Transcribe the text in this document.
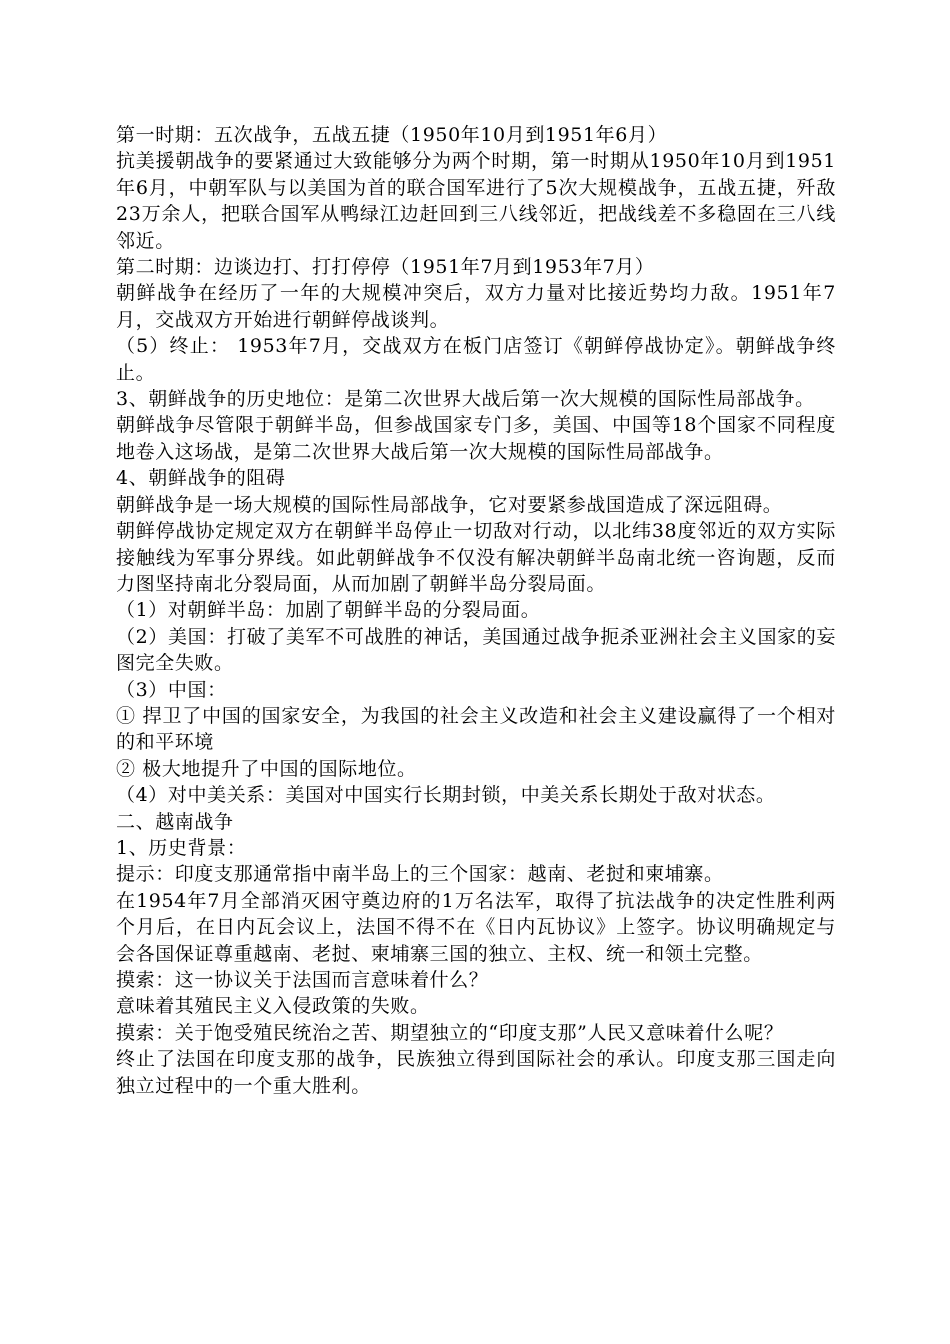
第一时期：五次战争，五战五捷（1950年10月到1951年6月）

抗美援朝战争的要紧通过大致能够分为两个时期，第一时期从1950年10月到1951年6月，中朝军队与以美国为首的联合国军进行了5次大规模战争，五战五捷，歼敌23万余人，把联合国军从鸭绿江边赶回到三八线邻近，把战线差不多稳固在三八线邻近。

第二时期：边谈边打、打打停停（1951年7月到1953年7月）

朝鲜战争在经历了一年的大规模冲突后，双方力量对比接近势均力敌。1951年7月，交战双方开始进行朝鲜停战谈判。

（5）终止： 1953年7月，交战双方在板门店签订《朝鲜停战协定》。朝鲜战争终止。

3、朝鲜战争的历史地位：是第二次世界大战后第一次大规模的国际性局部战争。

朝鲜战争尽管限于朝鲜半岛，但参战国家专门多，美国、中国等18个国家不同程度地卷入这场战，是第二次世界大战后第一次大规模的国际性局部战争。

4、朝鲜战争的阻碍

朝鲜战争是一场大规模的国际性局部战争，它对要紧参战国造成了深远阻碍。

朝鲜停战协定规定双方在朝鲜半岛停止一切敌对行动，以北纬38度邻近的双方实际接触线为军事分界线。如此朝鲜战争不仅没有解决朝鲜半岛南北统一咨询题，反而力图坚持南北分裂局面，从而加剧了朝鲜半岛分裂局面。

（1）对朝鲜半岛：加剧了朝鲜半岛的分裂局面。

（2）美国：打破了美军不可战胜的神话，美国通过战争扼杀亚洲社会主义国家的妄图完全失败。

（3）中国：

① 捍卫了中国的国家安全，为我国的社会主义改造和社会主义建设赢得了一个相对的和平环境

② 极大地提升了中国的国际地位。

（4）对中美关系：美国对中国实行长期封锁，中美关系长期处于敌对状态。

二、越南战争

1、历史背景：

提示：印度支那通常指中南半岛上的三个国家：越南、老挝和柬埔寨。

在1954年7月全部消灭困守奠边府的1万名法军，取得了抗法战争的决定性胜利两个月后，在日内瓦会议上，法国不得不在《日内瓦协议》上签字。协议明确规定与会各国保证尊重越南、老挝、柬埔寨三国的独立、主权、统一和领土完整。

摸索：这一协议关于法国而言意味着什么？

意味着其殖民主义入侵政策的失败。

摸索：关于饱受殖民统治之苦、期望独立的“印度支那”人民又意味着什么呢？

终止了法国在印度支那的战争，民族独立得到国际社会的承认。印度支那三国走向独立过程中的一个重大胜利。
